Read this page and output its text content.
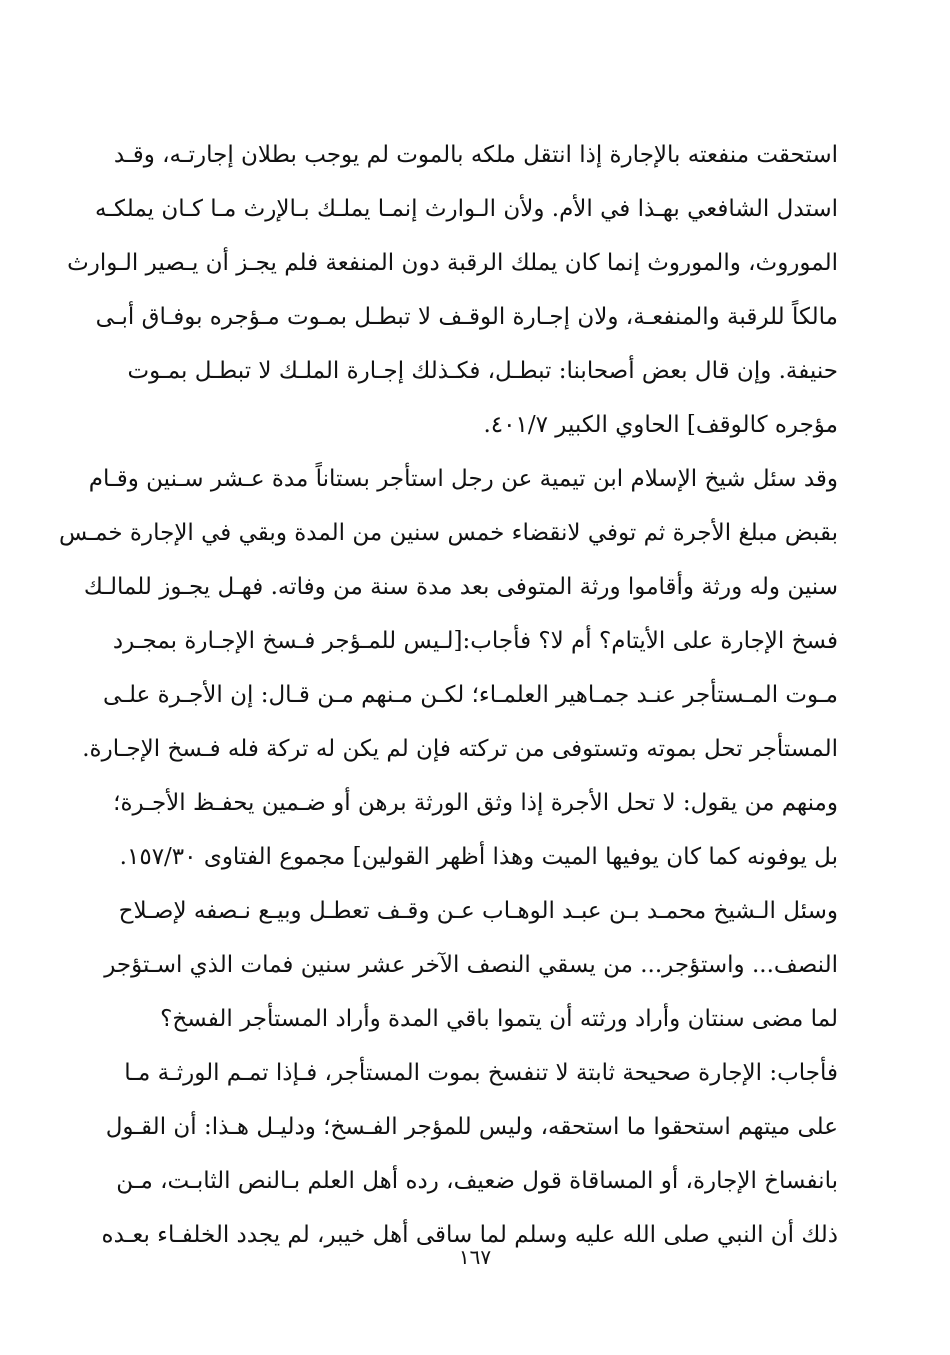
استحقت منفعته بالإجارة إذا انتقل ملكه بالموت لم يوجب بطلان إجارتـه، وقـد
استدل الشافعي بهـذا في الأم. ولأن الـوارث إنمـا يملـك بـالإرث مـا كـان يملكـه
الموروث، والموروث إنما كان يملك الرقبة دون المنفعة فلم يجـز أن يـصير الـوارث
مالكاً للرقبة والمنفعـة، ولان إجـارة الوقـف لا تبطـل بمـوت مـؤجره بوفـاق أبـى
حنيفة. وإن قال بعض أصحابنا: تبطـل، فكـذلك إجـارة الملـك لا تبطـل بمـوت
مؤجره كالوقف] الحاوي الكبير ٤٠١/٧.
وقد سئل شيخ الإسلام ابن تيمية عن رجل استأجر بستاناً مدة عـشر سـنين وقـام
بقبض مبلغ الأجرة ثم توفي لانقضاء خمس سنين من المدة وبقي في الإجارة خمـس
سنين وله ورثة وأقاموا ورثة المتوفى بعد مدة سنة من وفاته. فهـل يجـوز للمالـك
فسخ الإجارة على الأيتام؟ أم لا؟ فأجاب:[لـيس للمـؤجر فـسخ الإجـارة بمجـرد
مـوت المـستأجر عنـد جمـاهير العلمـاء؛ لكـن مـنهم مـن قـال: إن الأجـرة علـى
المستأجر تحل بموته وتستوفى من تركته فإن لم يكن له تركة فله فـسخ الإجـارة.
ومنهم من يقول: لا تحل الأجرة إذا وثق الورثة برهن أو ضـمين يحفـظ الأجـرة؛
بل يوفونه كما كان يوفيها الميت وهذا أظهر القولين] مجموع الفتاوى ١٥٧/٣٠.
وسئل الـشيخ محمـد بـن عبـد الوهـاب عـن وقـف تعطـل وبيـع نـصفه لإصـلاح
النصف... واستؤجر... من يسقي النصف الآخر عشر سنين فمات الذي اسـتؤجر
لما مضى سنتان وأراد ورثته أن يتموا باقي المدة وأراد المستأجر الفسخ؟
فأجاب: الإجارة صحيحة ثابتة لا تنفسخ بموت المستأجر، فـإذا تمـم الورثـة مـا
على ميتهم استحقوا ما استحقه، وليس للمؤجر الفـسخ؛ ودليـل هـذا: أن القـول
بانفساخ الإجارة، أو المساقاة قول ضعيف، رده أهل العلم بـالنص الثابـت، مـن
ذلك أن النبي صلى الله عليه وسلم لما ساقى أهل خيبر، لم يجدد الخلفـاء بعـده
١٦٧
